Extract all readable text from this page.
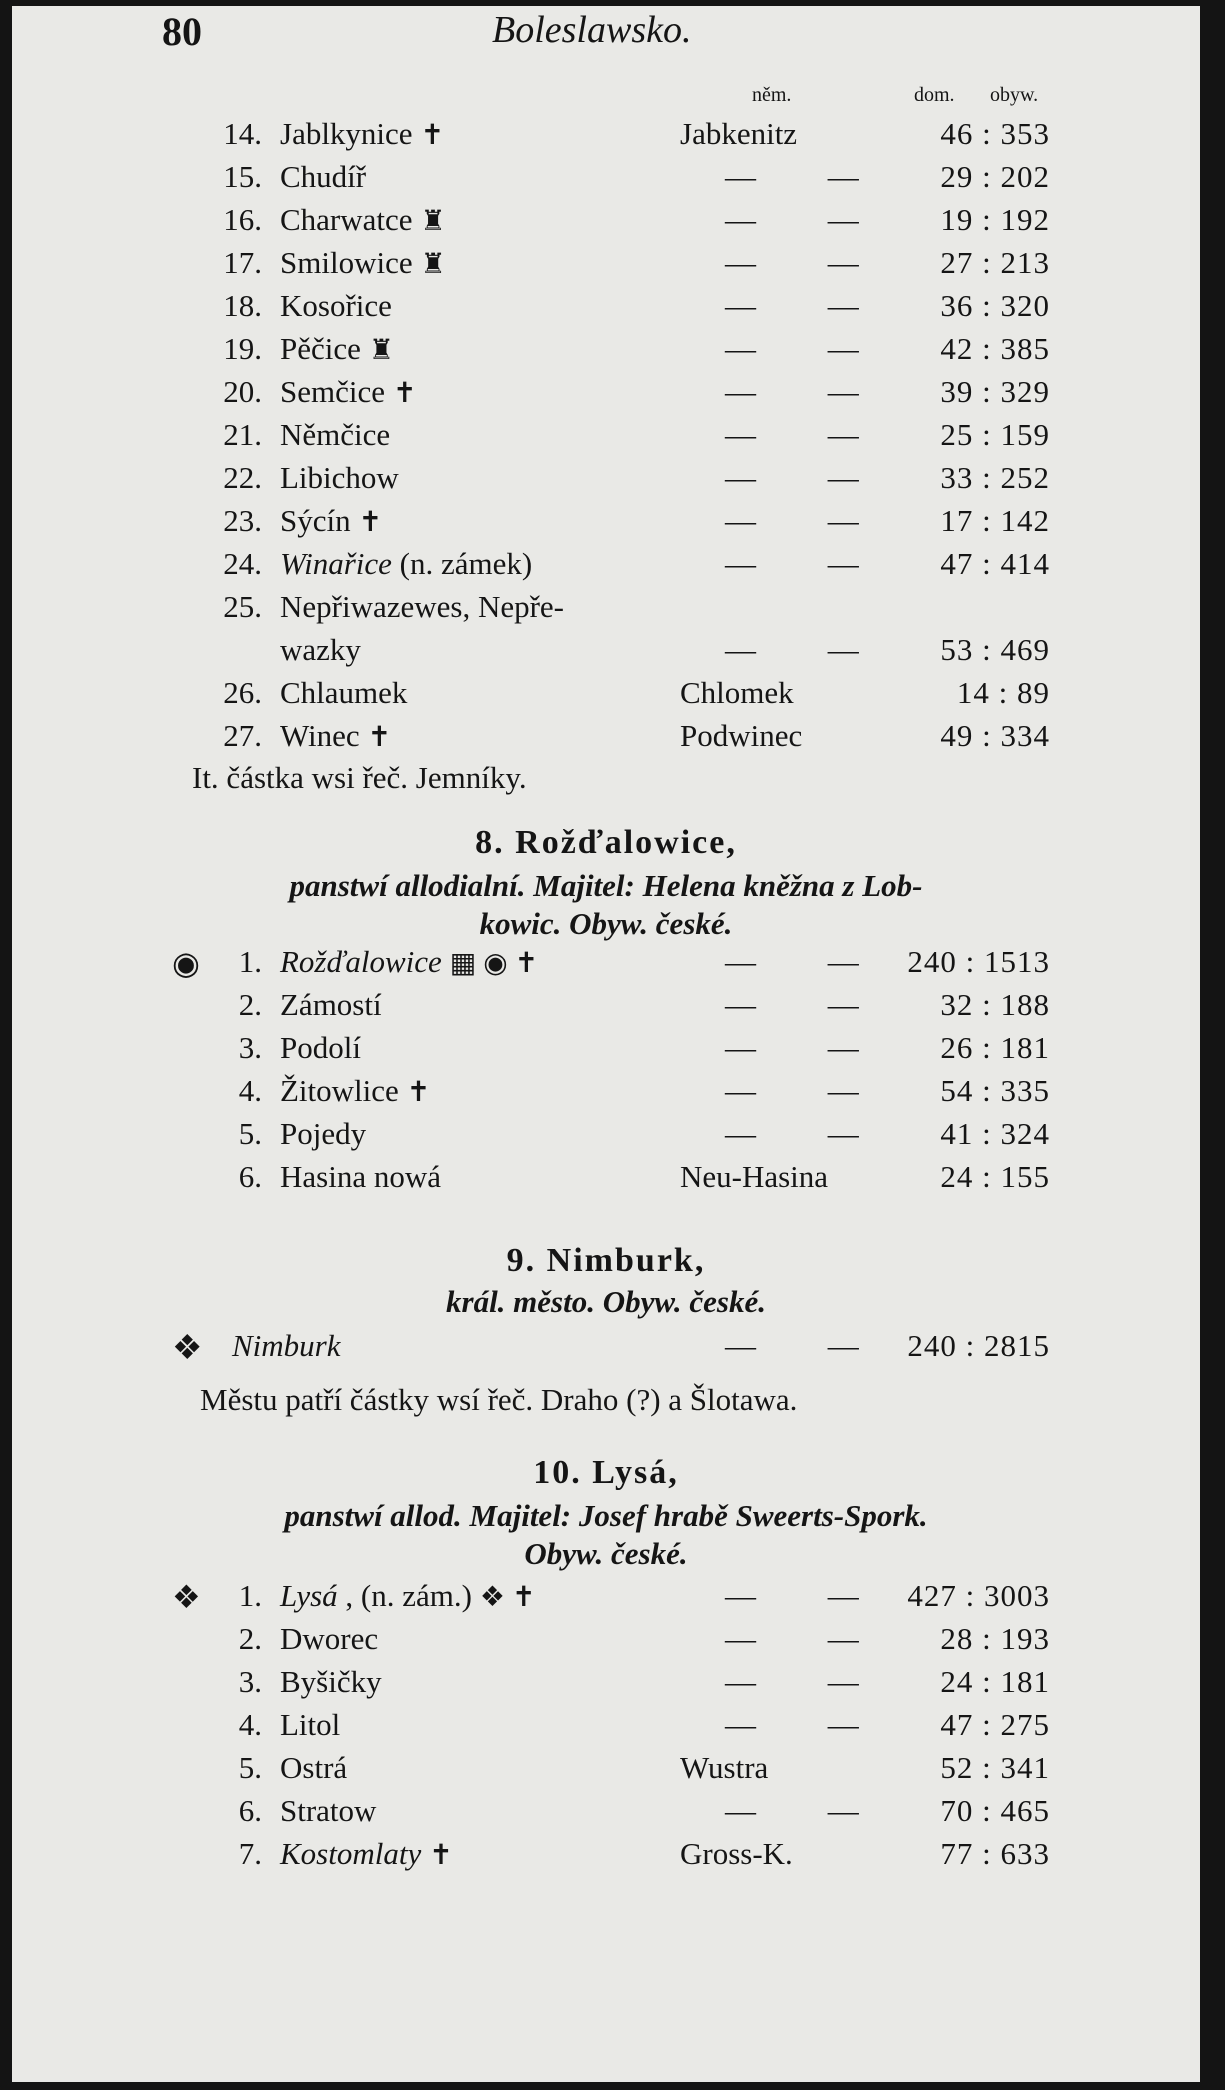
80	Boleslawsko.
něm.	dom. obyw.
14. Jablkynice ✝	Jabkenitz	46 : 353
15. Chudíř	— — 29 : 202
16. Charwatce ♜	— — 19 : 192
17. Smilowice ♜	— — 27 : 213
18. Kosořice	— — 36 : 320
19. Pěčice ♜	— — 42 : 385
20. Semčice ✝	— — 39 : 329
21. Němčice	— — 25 : 159
22. Libichow	— — 33 : 252
23. Sýcín ✝	— — 17 : 142
24. Winařice (n. zámek)	— — 47 : 414
25. Nepřiwazewes, Nepře-
wazky	— — 53 : 469
26. Chlaumek	Chlomek	14 : 89
27. Winec ✝	Podwinec	49 : 334
It. částka wsi řeč. Jemníky.
8. Rožďalowice,
panstwí allodialní. Majitel: Helena kněžna z Lob-
kowic. Obyw. české.
◉	1. Rožďalowice ▦ ◉ ✝	— — 240 : 1513
2. Zámostí	— — 32 : 188
3. Podolí	— — 26 : 181
4. Žitowlice ✝	— — 54 : 335
5. Pojedy	— — 41 : 324
6. Hasina nowá	Neu-Hasina	24 : 155
9. Nimburk,
král. město. Obyw. české.
❖ Nimburk	— — 240 : 2815
Městu patří částky wsí řeč. Draho (?) a Šlotawa.
10. Lysá,
panstwí allod. Majitel: Josef hrabě Sweerts-Spork.
Obyw. české.
❖	1. Lysá , (n. zám.) ❖ ✝	— — 427 : 3003
2. Dworec	— — 28 : 193
3. Byšičky	— — 24 : 181
4. Litol	— — 47 : 275
5. Ostrá	Wustra	52 : 341
6. Stratow	— — 70 : 465
7. Kostomlaty ✝	Gross-K.	77 : 633
